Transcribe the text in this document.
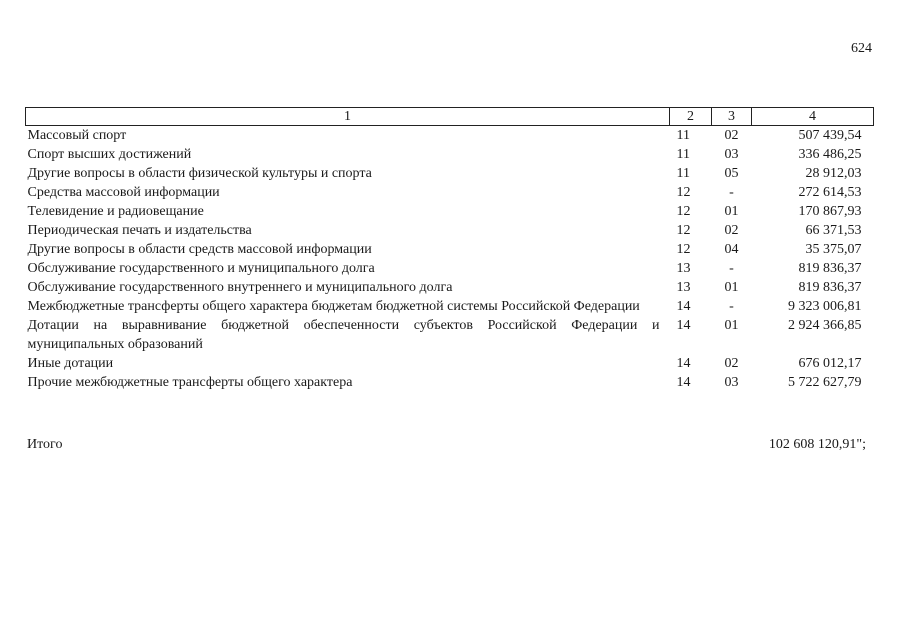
624
1	2	3	4
Массовый спорт	11	02	507 439,54
Спорт высших достижений	11	03	336 486,25
Другие вопросы в области физической культуры и спорта	11	05	28 912,03
Средства массовой информации	12	-	272 614,53
Телевидение и радиовещание	12	01	170 867,93
Периодическая печать и издательства	12	02	66 371,53
Другие вопросы в области средств массовой информации	12	04	35 375,07
Обслуживание государственного и муниципального долга	13	-	819 836,37
Обслуживание государственного внутреннего и муниципального долга	13	01	819 836,37
Межбюджетные трансферты общего характера бюджетам бюджетной системы Российской Федерации	14	-	9 323 006,81
Дотации на выравнивание бюджетной обеспеченности субъектов Российской Федерации и муниципальных образований	14	01	2 924 366,85
Иные дотации	14	02	676 012,17
Прочие межбюджетные трансферты общего характера	14	03	5 722 627,79
Итого	102 608 120,91";
